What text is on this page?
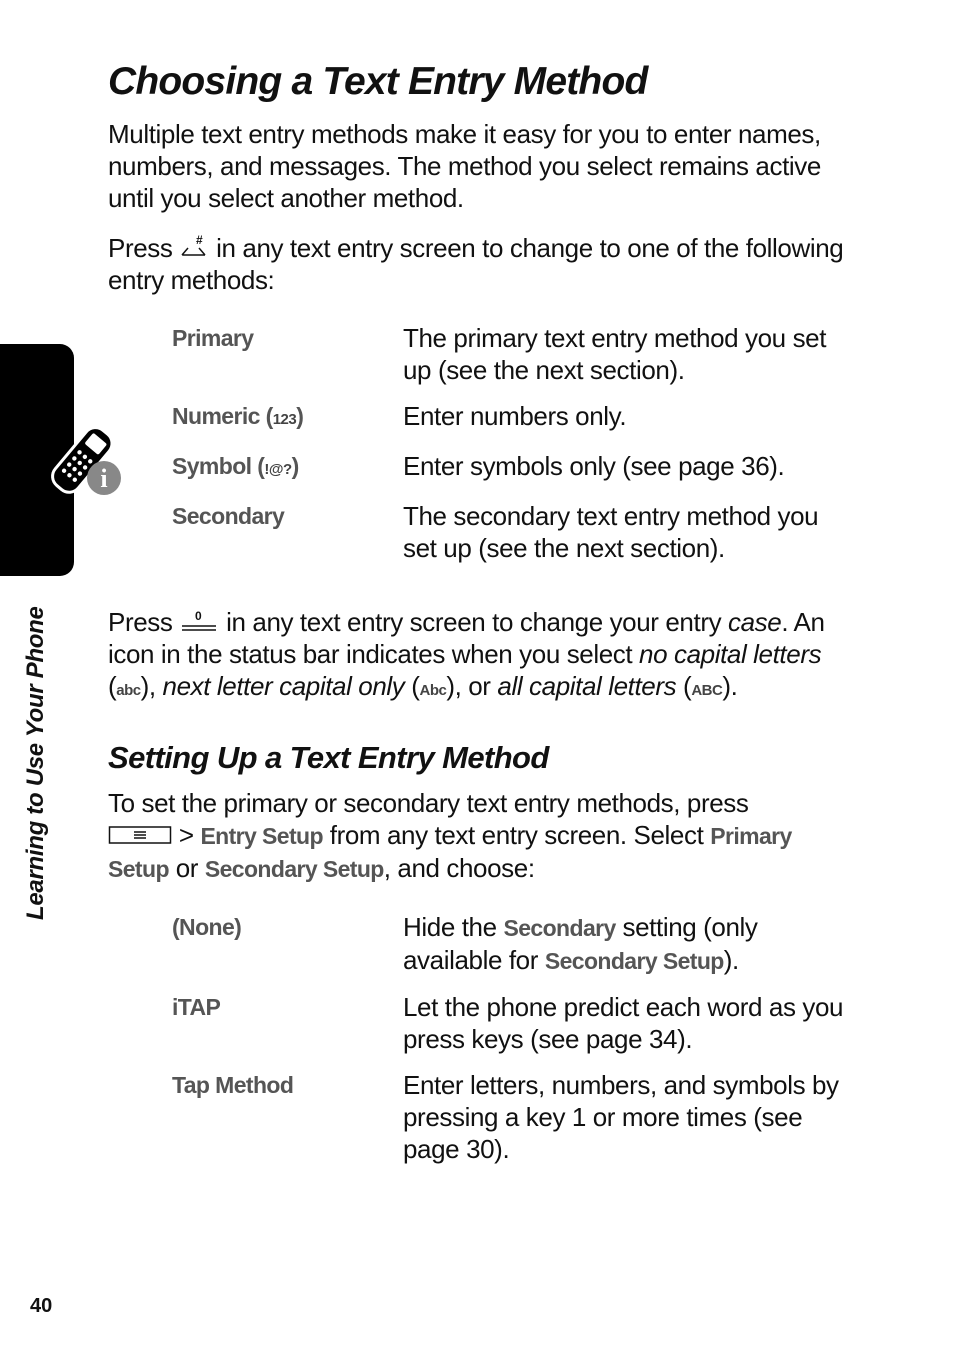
i
Learning to Use Your Phone
Choosing a Text Entry Method

Multiple text entry methods make it easy for you to enter names, numbers, and messages. The method you select remains active until you select another method.

Press # in any text entry screen to change to one of the following entry methods:

Primary	The primary text entry method you set up (see the next section).
Numeric (123)	Enter numbers only.
Symbol (!@?)	Enter symbols only (see page 36).
Secondary	The secondary text entry method you set up (see the next section).

Press 0 in any text entry screen to change your entry case. An icon in the status bar indicates when you select no capital letters (abc), next letter capital only (Abc), or all capital letters (ABC).

Setting Up a Text Entry Method

To set the primary or secondary text entry methods, press
> Entry Setup from any text entry screen. Select Primary Setup or Secondary Setup, and choose:

(None)	Hide the Secondary setting (only available for Secondary Setup).
iTAP	Let the phone predict each word as you press keys (see page 34).
Tap Method	Enter letters, numbers, and symbols by pressing a key 1 or more times (see page 30).
40
